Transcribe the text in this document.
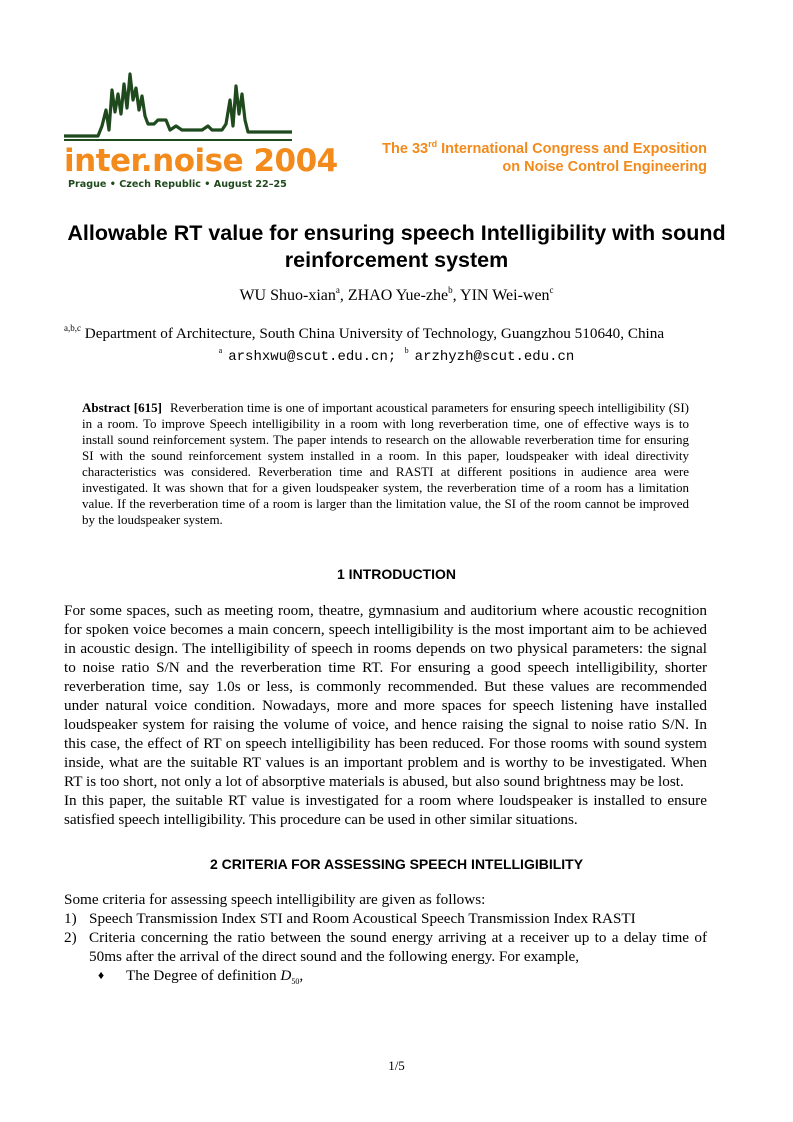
inter.noise 2004
Prague • Czech Republic • August 22–25
The 33rd International Congress and Exposition
on Noise Control Engineering
Allowable RT value for ensuring speech Intelligibility with sound reinforcement system
WU Shuo-xian$^a$, ZHAO Yue-zhe$^b$, YIN Wei-wen$^c$
$^{a,b,c}$ Department of Architecture, South China University of Technology, Guangzhou 510640, China
$^a$ arshxwu@scut.edu.cn; $^b$ arzhyzh@scut.edu.cn
Abstract [615] Reverberation time is one of important acoustical parameters for ensuring speech intelligibility (SI) in a room. To improve Speech intelligibility in a room with long reverberation time, one of effective ways is to install sound reinforcement system. The paper intends to research on the allowable reverberation time for ensuring SI with the sound reinforcement system installed in a room. In this paper, loudspeaker with ideal directivity characteristics was considered. Reverberation time and RASTI at different positions in audience area were investigated. It was shown that for a given loudspeaker system, the reverberation time of a room has a limitation value. If the reverberation time of a room is larger than the limitation value, the SI of the room cannot be improved by the loudspeaker system.
1 INTRODUCTION

For some spaces, such as meeting room, theatre, gymnasium and auditorium where acoustic recognition for spoken voice becomes a main concern, speech intelligibility is the most important aim to be achieved in acoustic design. The intelligibility of speech in rooms depends on two physical parameters: the signal to noise ratio S/N and the reverberation time RT. For ensuring a good speech intelligibility, shorter reverberation time, say 1.0s or less, is commonly recommended. But these values are recommended under natural voice condition. Nowadays, more and more spaces for speech listening have installed loudspeaker system for raising the volume of voice, and hence raising the signal to noise ratio S/N. In this case, the effect of RT on speech intelligibility has been reduced. For those rooms with sound system inside, what are the suitable RT values is an important problem and is worthy to be investigated. When RT is too short, not only a lot of absorptive materials is abused, but also sound brightness may be lost.

In this paper, the suitable RT value is investigated for a room where loudspeaker is installed to ensure satisfied speech intelligibility. This procedure can be used in other similar situations.

2 CRITERIA FOR ASSESSING SPEECH INTELLIGIBILITY
Some criteria for assessing speech intelligibility are given as follows:
1) Speech Transmission Index STI and Room Acoustical Speech Transmission Index RASTI
2) Criteria concerning the ratio between the sound energy arriving at a receiver up to a delay time of 50ms after the arrival of the direct sound and the following energy. For example,
♦	The Degree of definition $D_{50}$,
1/5
